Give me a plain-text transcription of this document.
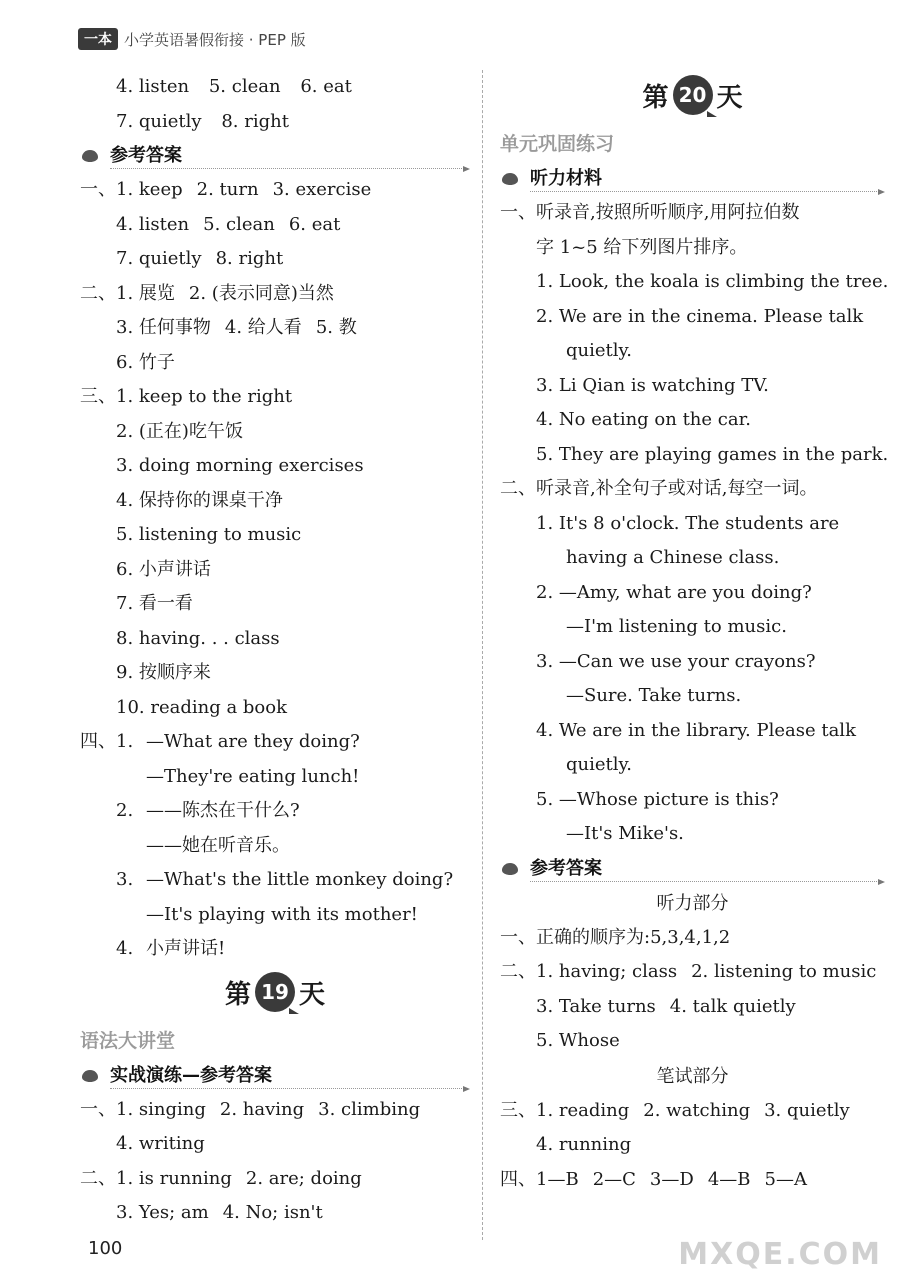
一本 小学英语暑假衔接 · PEP 版
4. listen 5. clean 6. eat
7. quietly 8. right
参考答案
一、1. keep 2. turn 3. exercise
4. listen 5. clean 6. eat
7. quietly 8. right
二、1. 展览 2. (表示同意)当然
3. 任何事物 4. 给人看 5. 教
6. 竹子
三、1. keep to the right
2. (正在)吃午饭
3. doing morning exercises
4. 保持你的课桌干净
5. listening to music
6. 小声讲话
7. 看一看
8. having. . . class
9. 按顺序来
10. reading a book
四、1. —What are they doing?
—They're eating lunch!
2. ——陈杰在干什么?
——她在听音乐。
3. —What's the little monkey doing?
—It's playing with its mother!
4. 小声讲话!
第 19 天
语法大讲堂
实战演练—参考答案
一、1. singing 2. having 3. climbing
4. writing
二、1. is running 2. are; doing
3. Yes; am 4. No; isn't
第 20 天
单元巩固练习
听力材料
一、听录音,按照所听顺序,用阿拉伯数
字 1~5 给下列图片排序。
1. Look, the koala is climbing the tree.
2. We are in the cinema. Please talk
quietly.
3. Li Qian is watching TV.
4. No eating on the car.
5. They are playing games in the park.
二、听录音,补全句子或对话,每空一词。
1. It's 8 o'clock. The students are
having a Chinese class.
2. —Amy, what are you doing?
—I'm listening to music.
3. —Can we use your crayons?
—Sure. Take turns.
4. We are in the library. Please talk
quietly.
5. —Whose picture is this?
—It's Mike's.
参考答案
听力部分
一、正确的顺序为:5,3,4,1,2
二、1. having; class 2. listening to music
3. Take turns 4. talk quietly
5. Whose
笔试部分
三、1. reading 2. watching 3. quietly
4. running
四、1—B 2—C 3—D 4—B 5—A
100	MXQE.COM
